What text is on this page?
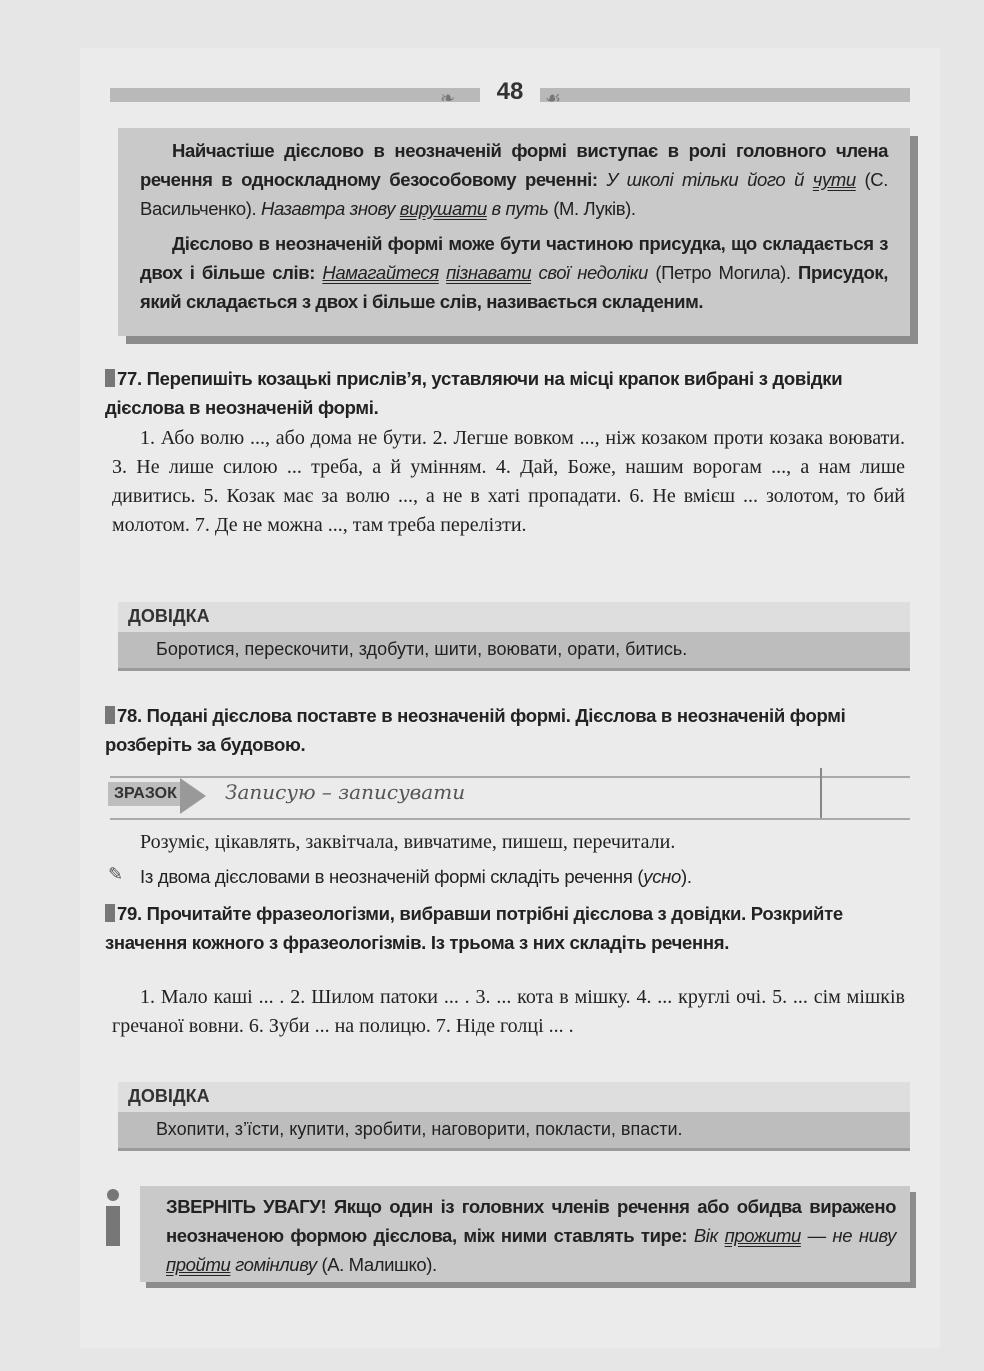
❧	48	☙

Найчастіше дієслово в неозначеній формі виступає в ролі головного члена речення в односкладному безособовому реченні: У школі тільки його й чути (С. Васильченко). Назавтра знову вирушати в путь (М. Луків).

Дієслово в неозначеній формі може бути частиною присудка, що складається з двох і більше слів: Намагайтеся пізнавати свої недоліки (Петро Могила). Присудок, який складається з двох і більше слів, називається складеним.

77. Перепишіть козацькі прислів’я, уставляючи на місці крапок вибрані з довідки дієслова в неозначеній формі.
1. Або волю ..., або дома не бути. 2. Легше вовком ..., ніж козаком проти козака воювати. 3. Не лише силою ... треба, а й умінням. 4. Дай, Боже, нашим ворогам ..., а нам лише дивитись. 5. Козак має за волю ..., а не в хаті пропадати. 6. Не вмієш ... золотом, то бий молотом. 7. Де не можна ..., там треба перелізти.
ДОВІДКА
Боротися, перескочити, здобути, шити, воювати, орати, битись.
78. Подані дієслова поставте в неозначеній формі. Дієслова в неозначеній формі розберіть за будовою.
ЗРАЗОК	Записую – записувати
Розуміє, цікавлять, заквітчала, вивчатиме, пишеш, перечитали.
✎ Із двома дієсловами в неозначеній формі складіть речення (усно).
79. Прочитайте фразеологізми, вибравши потрібні дієслова з довідки. Розкрийте значення кожного з фразеологізмів. Із трьома з них складіть речення.
1. Мало каші ... . 2. Шилом патоки ... . 3. ... кота в мішку. 4. ... круглі очі. 5. ... сім мішків гречаної вовни. 6. Зуби ... на полицю. 7. Ніде голці ... .
ДОВІДКА
Вхопити, з’їсти, купити, зробити, наговорити, покласти, впасти.

ЗВЕРНІТЬ УВАГУ! Якщо один із головних членів речення або обидва виражено неозначеною формою дієслова, між ними ставлять тире: Вік прожити — не ниву пройти гомінливу (А. Малишко).
